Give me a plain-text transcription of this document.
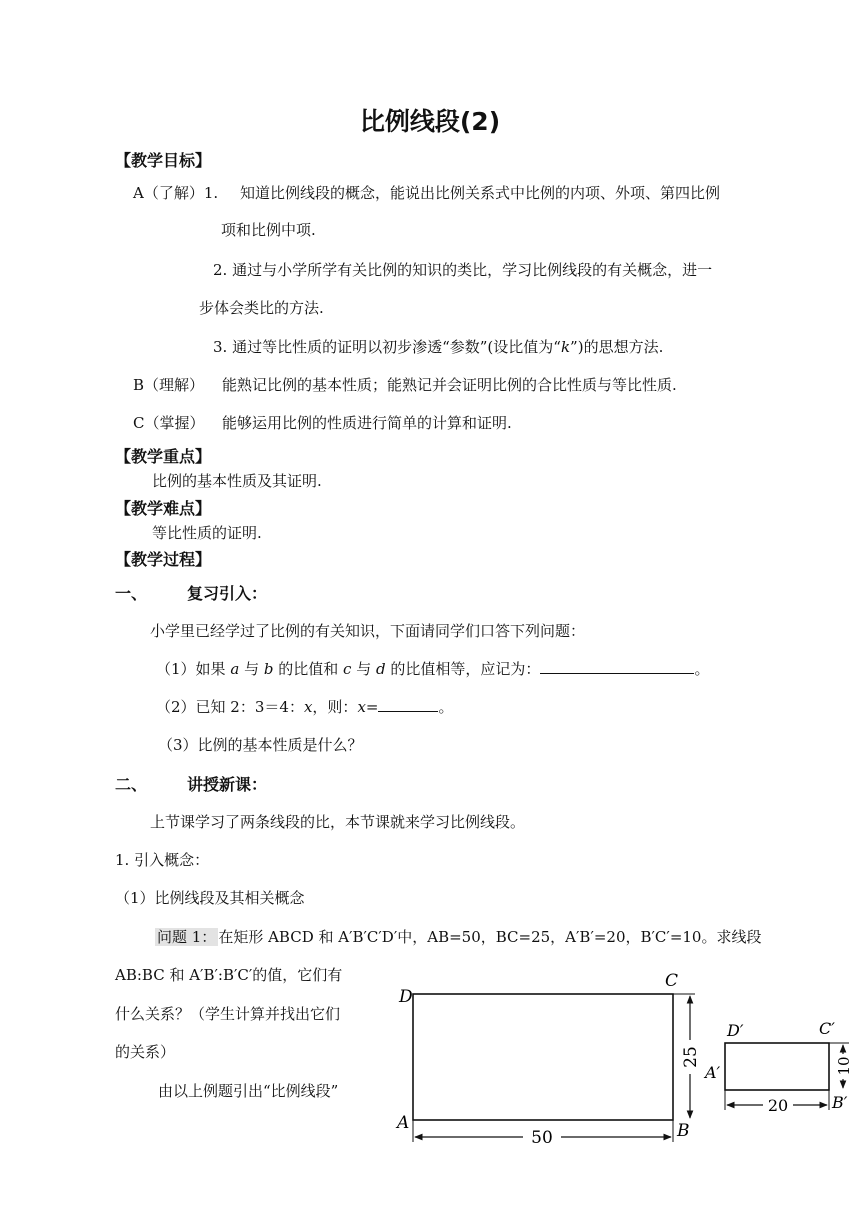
比例线段(2)
【教学目标】
A（了解）1. 知道比例线段的概念，能说出比例关系式中比例的内项、外项、第四比例
项和比例中项.
2. 通过与小学所学有关比例的知识的类比，学习比例线段的有关概念，进一
步体会类比的方法.
3. 通过等比性质的证明以初步渗透“参数”(设比值为“k”)的思想方法.
B（理解） 能熟记比例的基本性质；能熟记并会证明比例的合比性质与等比性质.
C（掌握） 能够运用比例的性质进行简单的计算和证明.
【教学重点】
比例的基本性质及其证明.
【教学难点】
等比性质的证明.
【教学过程】
一、 复习引入：
小学里已经学过了比例的有关知识，下面请同学们口答下列问题：
（1）如果 a 与 b 的比值和 c 与 d 的比值相等，应记为：	。
（2）已知 2：3＝4：x，则：x=	。
（3）比例的基本性质是什么？
二、 讲授新课：
上节课学习了两条线段的比，本节课就来学习比例线段。
1. 引入概念：
（1）比例线段及其相关概念
问题 1： 在矩形 ABCD 和 A′B′C′D′中，AB=50，BC=25，A′B′=20，B′C′=10。求线段
AB:BC 和 A′B′:B′C′的值，它们有
什么关系？（学生计算并找出它们
的关系）
由以上例题引出“比例线段”
D
C
A	B
50
25
D′	C′
A′
B′
20
10
